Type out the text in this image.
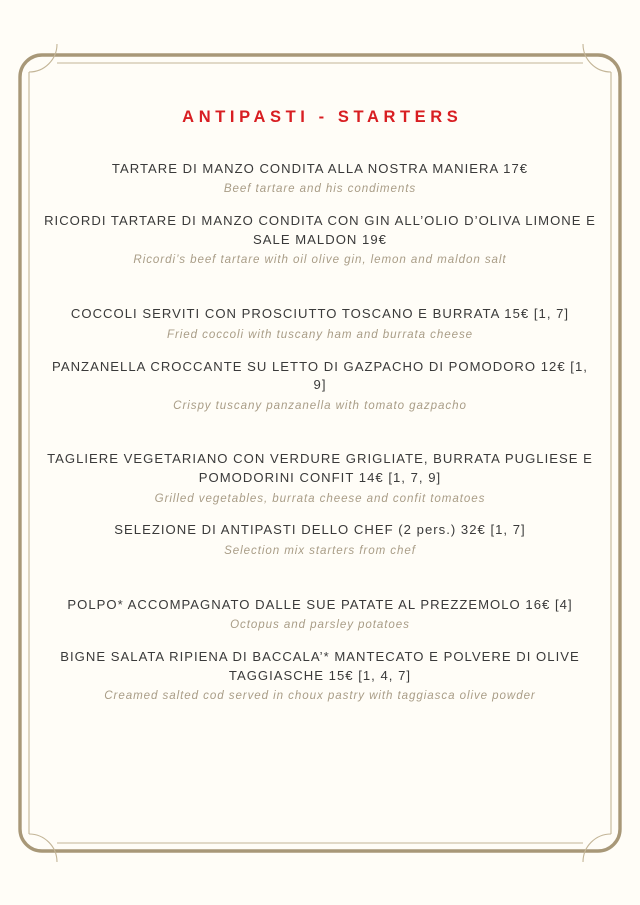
ANTIPASTI - STARTERS

TARTARE DI MANZO CONDITA ALLA NOSTRA MANIERA 17€

Beef tartare and his condiments

RICORDI TARTARE DI MANZO CONDITA CON GIN ALL’OLIO D’OLIVA LIMONE E SALE MALDON 19€

Ricordi’s beef tartare with oil olive gin, lemon and maldon salt

COCCOLI SERVITI CON PROSCIUTTO TOSCANO E BURRATA 15€ [1, 7]

Fried coccoli with tuscany ham and burrata cheese

PANZANELLA CROCCANTE SU LETTO DI GAZPACHO DI POMODORO 12€ [1, 9]

Crispy tuscany panzanella with tomato gazpacho

TAGLIERE VEGETARIANO CON VERDURE GRIGLIATE, BURRATA PUGLIESE E POMODORINI CONFIT 14€ [1, 7, 9]

Grilled vegetables, burrata cheese and confit tomatoes

SELEZIONE DI ANTIPASTI DELLO CHEF (2 pers.) 32€ [1, 7]

Selection mix starters from chef

POLPO* ACCOMPAGNATO DALLE SUE PATATE AL PREZZEMOLO 16€ [4]

Octopus and parsley potatoes

BIGNE SALATA RIPIENA DI BACCALA’* MANTECATO E POLVERE DI OLIVE TAGGIASCHE 15€ [1, 4, 7]

Creamed salted cod served in choux pastry with taggiasca olive powder
